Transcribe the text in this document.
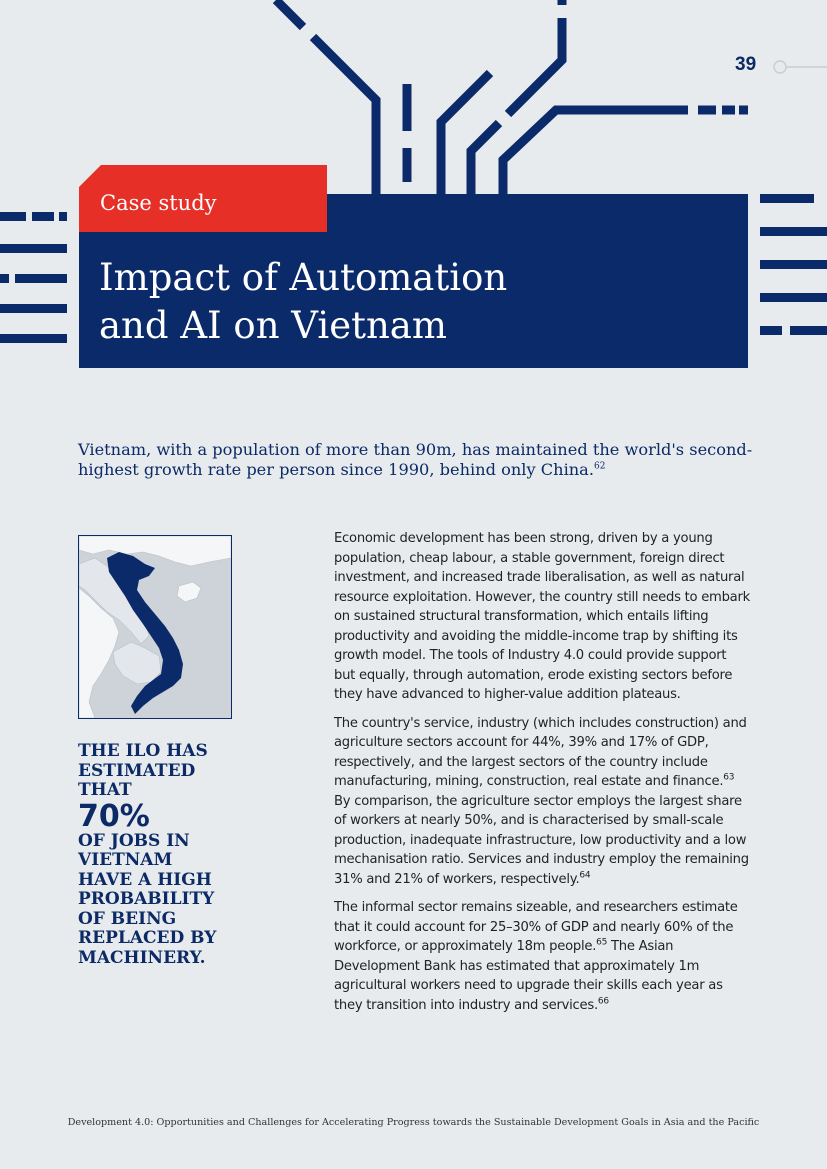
39
Case study
Impact of Automation
and AI on Vietnam

Vietnam, with a population of more than 90m, has maintained the world's second-highest growth rate per person since 1990, behind only China.$^{62}$

THE ILO HAS
ESTIMATED
THAT
70%
OF JOBS IN
VIETNAM
HAVE A HIGH
PROBABILITY
OF BEING
REPLACED BY
MACHINERY.

Economic development has been strong, driven by a young population, cheap labour, a stable government, foreign direct investment, and increased trade liberalisation, as well as natural resource exploitation. However, the country still needs to embark on sustained structural transformation, which entails lifting productivity and avoiding the middle-income trap by shifting its growth model. The tools of Industry 4.0 could provide support but equally, through automation, erode existing sectors before they have advanced to higher-value addition plateaus.

The country's service, industry (which includes construction) and agriculture sectors account for 44%, 39% and 17% of GDP, respectively, and the largest sectors of the country include manufacturing, mining, construction, real estate and finance.$^{63}$ By comparison, the agriculture sector employs the largest share of workers at nearly 50%, and is characterised by small-scale production, inadequate infrastructure, low productivity and a low mechanisation ratio. Services and industry employ the remaining 31% and 21% of workers, respectively.$^{64}$

The informal sector remains sizeable, and researchers estimate that it could account for 25–30% of GDP and nearly 60% of the workforce, or approximately 18m people.$^{65}$ The Asian Development Bank has estimated that approximately 1m agricultural workers need to upgrade their skills each year as they transition into industry and services.$^{66}$

Development 4.0: Opportunities and Challenges for Accelerating Progress towards the Sustainable Development Goals in Asia and the Pacific
